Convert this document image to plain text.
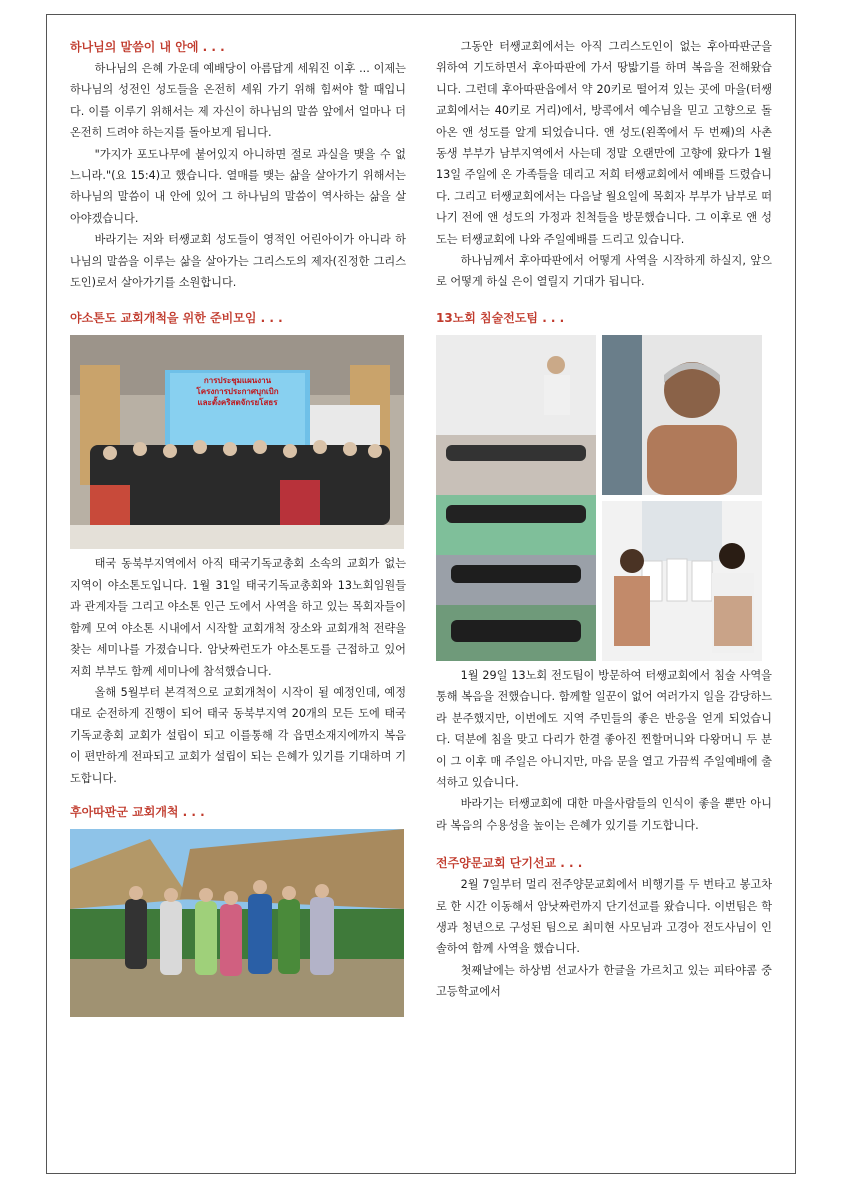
하나님의 말씀이 내 안에 . . .

하나님의 은혜 가운데 예배당이 아름답게 세워진 이후 ... 이제는 하나님의 성전인 성도들을 온전히 세워 가기 위해 힘써야 할 때입니다. 이를 이루기 위해서는 제 자신이 하나님의 말씀 앞에서 얼마나 더 온전히 드려야 하는지를 돌아보게 됩니다.

"가지가 포도나무에 붙어있지 아니하면 절로 과실을 맺을 수 없느니라."(요 15:4)고 했습니다. 열매를 맺는 삶을 살아가기 위해서는 하나님의 말씀이 내 안에 있어 그 하나님의 말씀이 역사하는 삶을 살아야겠습니다.

바라기는 저와 터쌩교회 성도들이 영적인 어린아이가 아니라 하나님의 말씀을 이루는 삶을 살아가는 그리스도의 제자(진정한 그리스도인)로서 살아가기를 소원합니다.

야소톤도 교회개척을 위한 준비모임 . . .
การประชุมแผนงาน
โครงการประกาศบุกเบิก
และตั้งคริสตจักรยโสธร

태국 동북부지역에서 아직 태국기독교총회 소속의 교회가 없는 지역이 야소톤도입니다. 1월 31일 태국기독교총회와 13노회임원들과 관계자들 그리고 야소톤 인근 도에서 사역을 하고 있는 목회자들이 함께 모여 야소톤 시내에서 시작할 교회개척 장소와 교회개척 전략을 찾는 세미나를 가졌습니다. 암낫짜런도가 야소톤도를 근접하고 있어 저희 부부도 함께 세미나에 참석했습니다.

올해 5월부터 본격적으로 교회개척이 시작이 될 예정인데, 예정대로 순전하게 진행이 되어 태국 동북부지역 20개의 모든 도에 태국기독교총회 교회가 설립이 되고 이를통해 각 읍면소재지에까지 복음이 편만하게 전파되고 교회가 설립이 되는 은혜가 있기를 기대하며 기도합니다.

후아따판군 교회개척 . . .

그동안 터쌩교회에서는 아직 그리스도인이 없는 후아따판군을 위하여 기도하면서 후아따판에 가서 땅밟기를 하며 복음을 전해왔습니다. 그런데 후아따판읍에서 약 20키로 떨어져 있는 곳에 마을(터쌩교회에서는 40키로 거리)에서, 방콕에서 예수님을 믿고 고향으로 돌아온 앤 성도를 알게 되었습니다. 앤 성도(왼쪽에서 두 번째)의 사촌 동생 부부가 남부지역에서 사는데 정말 오랜만에 고향에 왔다가 1월 13일 주일에 온 가족들을 데리고 저희 터쌩교회에서 예배를 드렸습니다. 그리고 터쌩교회에서는 다음날 월요일에 목회자 부부가 남부로 떠나기 전에 앤 성도의 가정과 친척들을 방문했습니다. 그 이후로 앤 성도는 터쌩교회에 나와 주일예배를 드리고 있습니다.

하나님께서 후아따판에서 어떻게 사역을 시작하게 하실지, 앞으로 어떻게 하실 은이 열릴지 기대가 됩니다.

13노회 침술전도팀 . . .

1월 29일 13노회 전도팀이 방문하여 터쌩교회에서 침술 사역을 통해 복음을 전했습니다. 함께할 일꾼이 없어 여러가지 일을 감당하느라 분주했지만, 이번에도 지역 주민들의 좋은 반응을 얻게 되었습니다. 덕분에 침을 맞고 다리가 한결 좋아진 찐할머니와 다왕머니 두 분이 그 이후 매 주일은 아니지만, 마음 문을 열고 가끔씩 주일예배에 출석하고 있습니다.

바라기는 터쌩교회에 대한 마을사람들의 인식이 좋을 뿐만 아니라 복음의 수용성을 높이는 은혜가 있기를 기도합니다.

전주양문교회 단기선교 . . .

2월 7일부터 멀리 전주양문교회에서 비행기를 두 번타고 봉고차로 한 시간 이동해서 암낫짜런까지 단기선교를 왔습니다. 이번팀은 학생과 청년으로 구성된 팀으로 최미현 사모님과 고경아 전도사님이 인솔하여 함께 사역을 했습니다.

첫째날에는 하상범 선교사가 한글을 가르치고 있는 피타야콤 중고등학교에서
